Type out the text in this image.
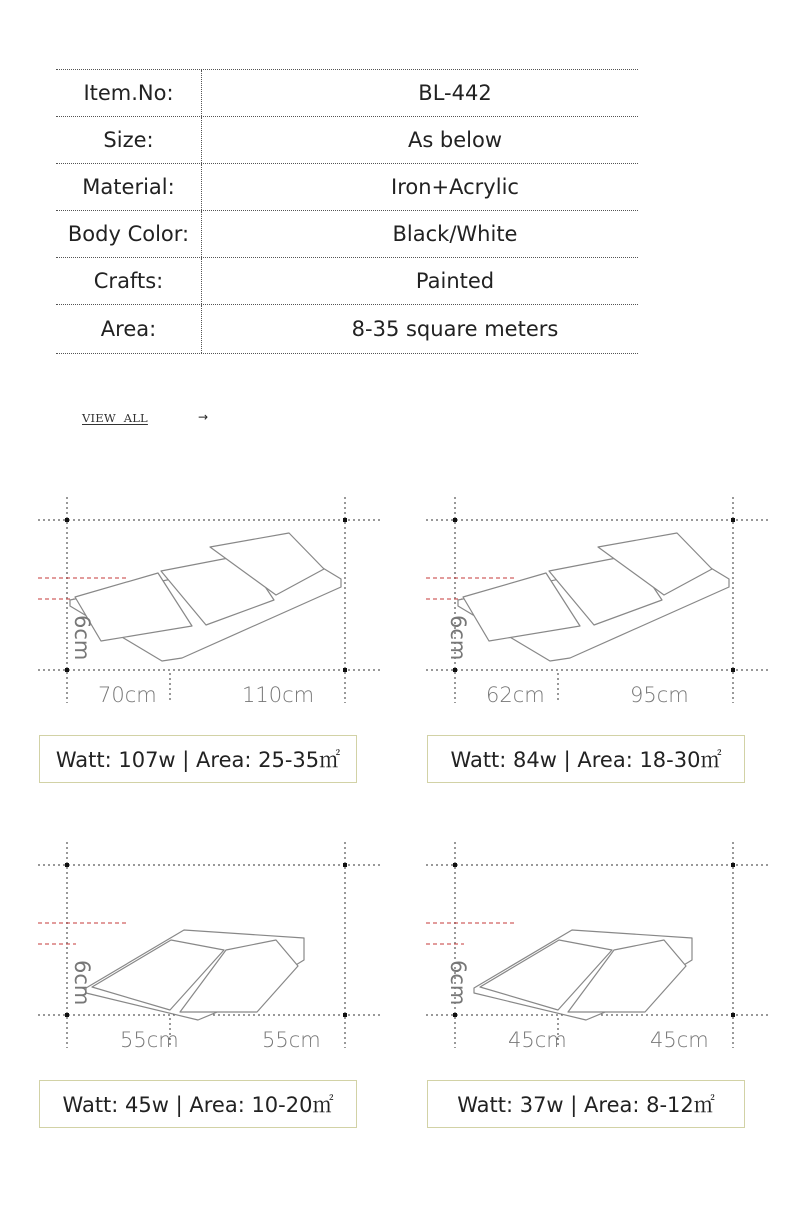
Item.No:	BL-442
Size:	As below
Material:	Iron+Acrylic
Body Color:	Black/White
Crafts:	Painted
Area:	8-35 square meters
VIEW ALL	→
6cm
70cm	110cm
Watt: 107w | Area: 25-35㎡
6cm
62cm	95cm
Watt: 84w | Area: 18-30㎡
6cm
55cm	55cm
Watt: 45w | Area: 10-20㎡
6cm
45cm	45cm
Watt: 37w | Area: 8-12㎡
